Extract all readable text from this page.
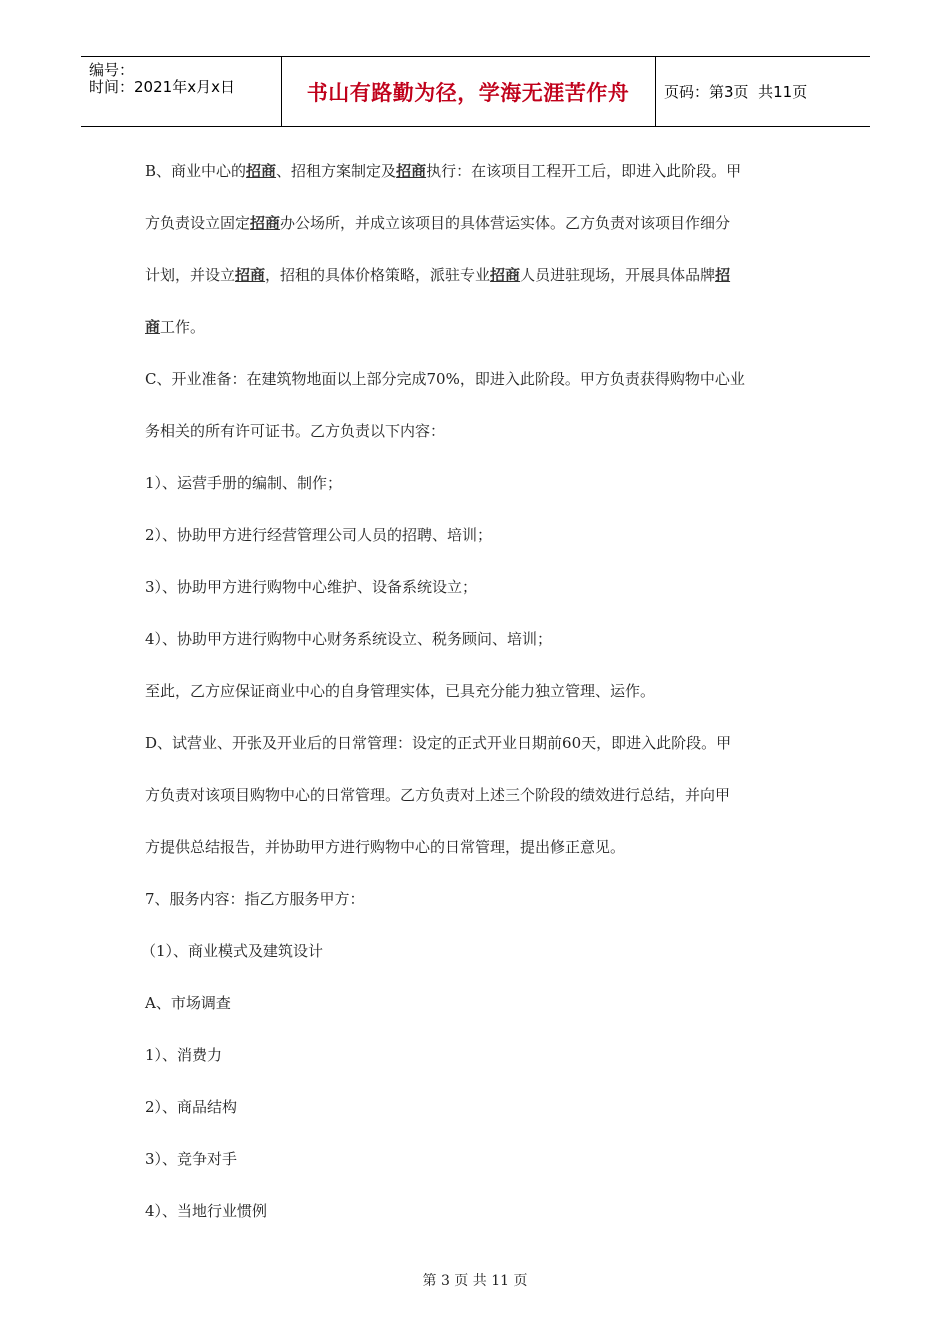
编号：
时间：2021年x月x日	书山有路勤为径，学海无涯苦作舟	页码：第3页 共11页
B、商业中心的招商、招租方案制定及招商执行：在该项目工程开工后，即进入此阶段。甲
方负责设立固定招商办公场所，并成立该项目的具体营运实体。乙方负责对该项目作细分
计划，并设立招商，招租的具体价格策略，派驻专业招商人员进驻现场，开展具体品牌招
商工作。
C、开业准备：在建筑物地面以上部分完成70%，即进入此阶段。甲方负责获得购物中心业
务相关的所有许可证书。乙方负责以下内容：
1）、运营手册的编制、制作；
2）、协助甲方进行经营管理公司人员的招聘、培训；
3）、协助甲方进行购物中心维护、设备系统设立；
4）、协助甲方进行购物中心财务系统设立、税务顾问、培训；
至此，乙方应保证商业中心的自身管理实体，已具充分能力独立管理、运作。
D、试营业、开张及开业后的日常管理：设定的正式开业日期前60天，即进入此阶段。甲
方负责对该项目购物中心的日常管理。乙方负责对上述三个阶段的绩效进行总结，并向甲
方提供总结报告，并协助甲方进行购物中心的日常管理，提出修正意见。
7、服务内容：指乙方服务甲方：
（1）、商业模式及建筑设计
A、市场调查
1）、消费力
2）、商品结构
3）、竞争对手
4）、当地行业惯例
第 3 页 共 11 页
